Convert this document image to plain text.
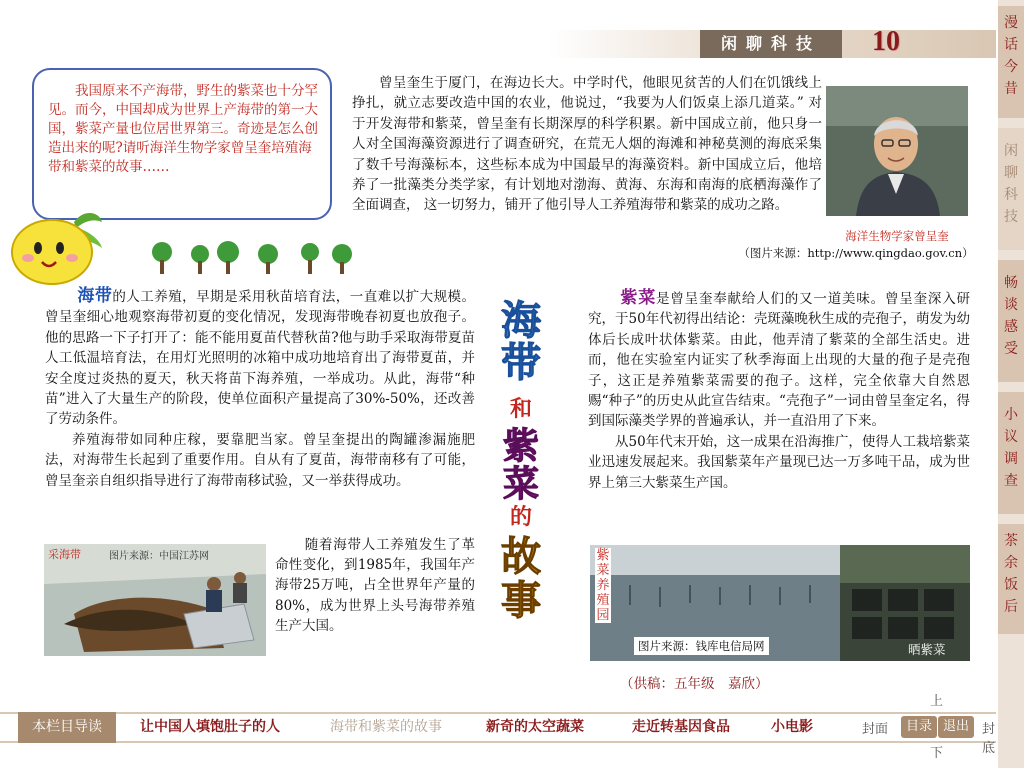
闲聊科技	10
漫话今昔
闲聊科技
畅谈感受
小议调查
茶余饭后

我国原来不产海带，野生的紫菜也十分罕见。而今，中国却成为世界上产海带的第一大国，紫菜产量也位居世界第三。奇迹是怎么创造出来的呢?请听海洋生物学家曾呈奎培殖海带和紫菜的故事……

曾呈奎生于厦门，在海边长大。中学时代，他眼见贫苦的人们在饥饿线上挣扎，就立志要改造中国的农业，他说过，“我要为人们饭桌上添几道菜。” 对于开发海带和紫菜，曾呈奎有长期深厚的科学积累。新中国成立前，他只身一人对全国海藻资源进行了调查研究，在荒无人烟的海滩和神秘莫测的海底采集了数千号海藻标本，这些标本成为中国最早的海藻资料。新中国成立后，他培养了一批藻类分类学家，有计划地对渤海、黄海、东海和南海的底栖海藻作了全面调查， 这一切努力，铺开了他引导人工养殖海带和紫菜的成功之路。

海洋生物学家曾呈奎
（图片来源：http://www.qingdao.gov.cn）

海带的人工养殖，早期是采用秋苗培育法，一直难以扩大规模。曾呈奎细心地观察海带初夏的变化情况，发现海带晚春初夏也放孢子。他的思路一下子打开了：能不能用夏苗代替秋苗?他与助手采取海带夏苗人工低温培育法，在用灯光照明的冰箱中成功地培育出了海带夏苗，并安全度过炎热的夏天，秋天将苗下海养殖，一举成功。从此，海带“种苗”进入了大量生产的阶段，使单位面积产量提高了30%-50%，还改善了劳动条件。

养殖海带如同种庄稼，要靠肥当家。曾呈奎提出的陶罐渗漏施肥法，对海带生长起到了重要作用。自从有了夏苗，海带南移有了可能，曾呈奎亲自组织指导进行了海带南移试验，又一举获得成功。

采海带	图片来源：中国江苏网

随着海带人工养殖发生了革命性变化，到1985年，我国年产海带25万吨，占全世界年产量的80%，成为世界上头号海带养殖生产大国。

海
带
和
紫
菜
的
故
事

紫菜是曾呈奎奉献给人们的又一道美味。曾呈奎深入研究，于50年代初得出结论：壳斑藻晚秋生成的壳孢子，萌发为幼体后长成叶状体紫菜。由此，他弄清了紫菜的全部生活史。进而，他在实验室内证实了秋季海面上出现的大量的孢子是壳孢子，这正是养殖紫菜需要的孢子。这样，完全依靠大自然恩赐“种子”的历史从此宣告结束。“壳孢子”一词由曾呈奎定名，得到国际藻类学界的普遍承认，并一直沿用了下来。

从50年代末开始，这一成果在沿海推广，使得人工栽培紫菜业迅速发展起来。我国紫菜年产量现已达一万多吨干品，成为世界上第三大紫菜生产国。

紫菜养殖园
图片来源：钱库电信局网	晒紫菜
（供稿：五年级　嘉欣）
本栏目导读	让中国人填饱肚子的人	海带和紫菜的故事	新奇的太空蔬菜	走近转基因食品	小电影	封面	目录 退出	封底
上
下
